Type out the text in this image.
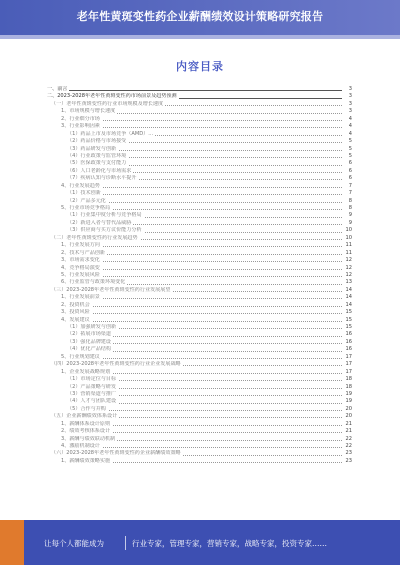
老年性黄斑变性药企业薪酬绩效设计策略研究报告
内容目录
一、前言	3
二、2023-2028年老年性黄斑变性药市场前景及趋势预测	3
（一）老年性黄斑变性药行业市场规模及增长速度	3
1、市场规模与增长速度	3
2、行业细分市场	4
3、行业影响因素	4
（1）药品上市及市场竞争（AMD）...	4
（2）药品价格与市场接受	5
（3）药品研发与创新	5
（4）行业政策与监管环境	5
（5）医保政策与支付能力	6
（6）人口老龄化与市场需求	6
（7）疾病认知与诊断水平提升	6
4、行业发展趋势	7
（1）技术创新	7
（2）产品多元化	8
5、行业市场竞争格局	8
（1）行业集中度分析与竞争格局	9
（2）新进入者与替代品威胁	9
（3）供应商与买方议价能力分析	10
（二）老年性黄斑变性药行业发展趋势	10
1、行业发展方向	11
2、技术与产品创新	11
3、市场需求变化	12
4、竞争格局演变	12
5、行业发展风险	12
6、行业监管与政策环境变化	13
（三）2023-2028年老年性黄斑变性药行业发展展望	14
1、行业发展前景	14
2、投资机会	14
3、投资风险	15
4、发展建议	15
（1）加强研发与创新	15
（2）拓展市场渠道	16
（3）强化品牌建设	16
（4）优化产品结构	16
5、行业规划建议	17
（四）2023-2028年老年性黄斑变性药行业企业发展战略	17
1、企业发展战略规划	17
（1）市场定位与目标	18
（2）产品策略与研发	18
（3）营销渠道与推广	19
（4）人才与团队建设	19
（5）合作与并购	20
（五）企业薪酬绩效体系设计	20
1、薪酬体系设计原则	21
2、绩效考核体系设计	21
3、薪酬与绩效联动机制	22
4、激励机制设计	22
（六）2023-2028年老年性黄斑变性药企业薪酬绩效策略	23
1、薪酬绩效策略实施	23
让每个人都能成为	行业专家，管理专家，营销专家，战略专家，投资专家……
